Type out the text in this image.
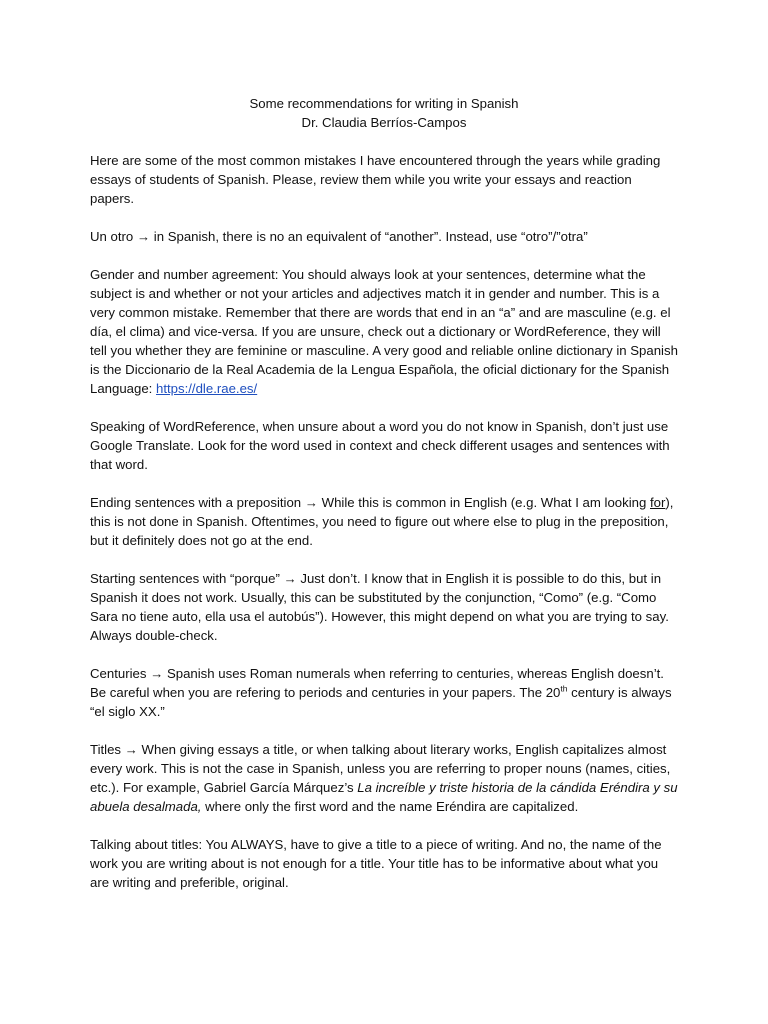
Some recommendations for writing in Spanish
Dr. Claudia Berríos-Campos

Here are some of the most common mistakes I have encountered through the years while grading essays of students of Spanish. Please, review them while you write your essays and reaction papers.

Un otro → in Spanish, there is no an equivalent of “another”. Instead, use “otro”/”otra”

Gender and number agreement: You should always look at your sentences, determine what the subject is and whether or not your articles and adjectives match it in gender and number. This is a very common mistake. Remember that there are words that end in an “a” and are masculine (e.g. el día, el clima) and vice-versa. If you are unsure, check out a dictionary or WordReference, they will tell you whether they are feminine or masculine. A very good and reliable online dictionary in Spanish is the Diccionario de la Real Academia de la Lengua Española, the oficial dictionary for the Spanish Language: https://dle.rae.es/

Speaking of WordReference, when unsure about a word you do not know in Spanish, don’t just use Google Translate. Look for the word used in context and check different usages and sentences with that word.

Ending sentences with a preposition → While this is common in English (e.g. What I am looking for), this is not done in Spanish. Oftentimes, you need to figure out where else to plug in the preposition, but it definitely does not go at the end.

Starting sentences with “porque” → Just don’t. I know that in English it is possible to do this, but in Spanish it does not work. Usually, this can be substituted by the conjunction, “Como” (e.g. “Como Sara no tiene auto, ella usa el autobús”). However, this might depend on what you are trying to say. Always double-check.

Centuries → Spanish uses Roman numerals when referring to centuries, whereas English doesn’t. Be careful when you are refering to periods and centuries in your papers. The 20th century is always “el siglo XX.”

Titles → When giving essays a title, or when talking about literary works, English capitalizes almost every work. This is not the case in Spanish, unless you are referring to proper nouns (names, cities, etc.). For example, Gabriel García Márquez’s La increíble y triste historia de la cándida Eréndira y su abuela desalmada, where only the first word and the name Eréndira are capitalized.

Talking about titles: You ALWAYS, have to give a title to a piece of writing. And no, the name of the work you are writing about is not enough for a title. Your title has to be informative about what you are writing and preferible, original.
